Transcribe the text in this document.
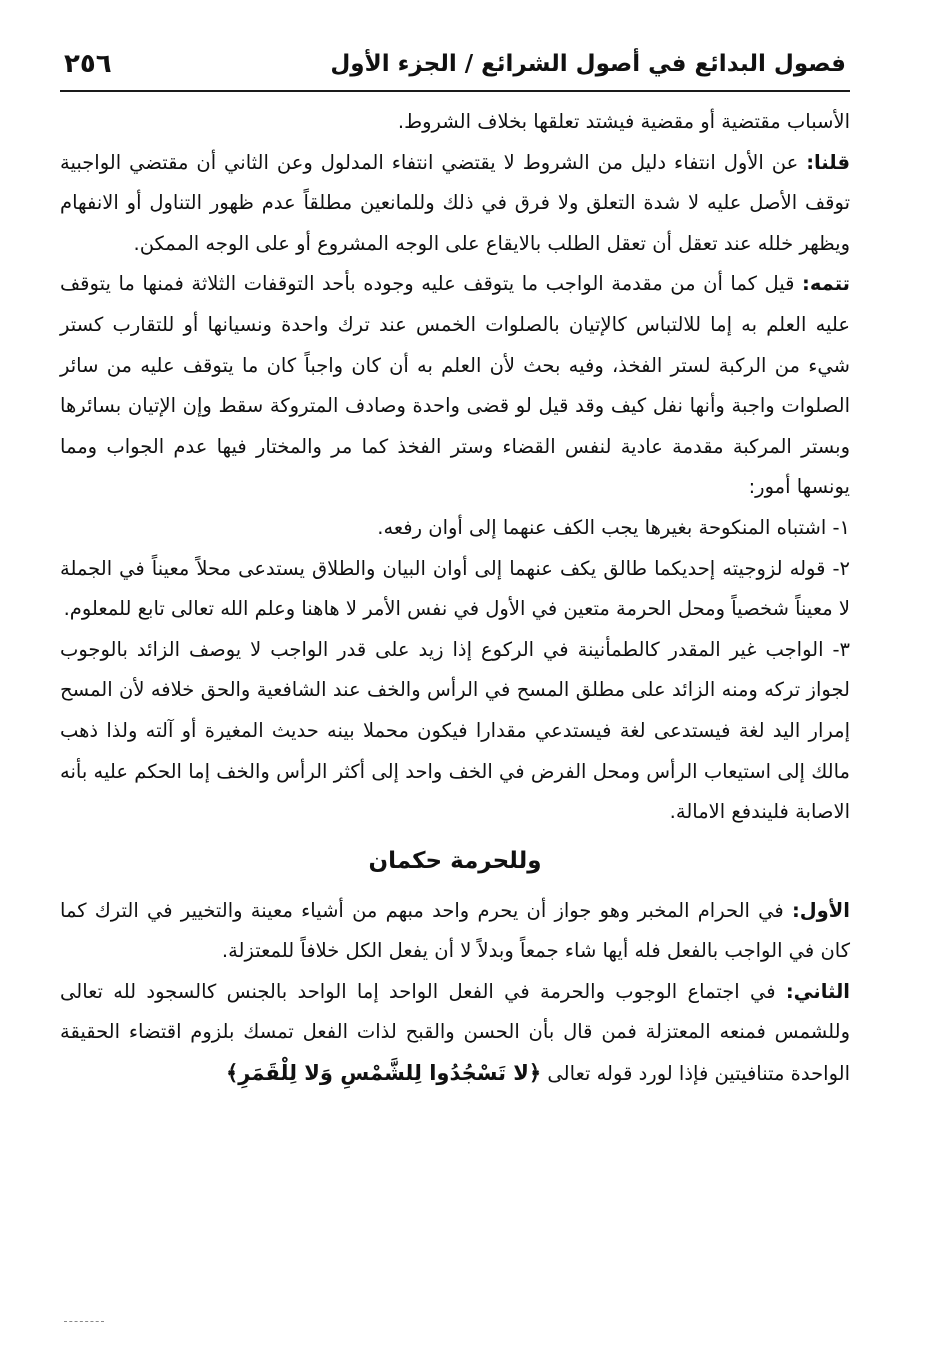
فصول البدائع في أصول الشرائع / الجزء الأول
٢٥٦

الأسباب مقتضية أو مقضية فيشتد تعلقها بخلاف الشروط.

قلنا: عن الأول انتفاء دليل من الشروط لا يقتضي انتفاء المدلول وعن الثاني أن مقتضي الواجبية توقف الأصل عليه لا شدة التعلق ولا فرق في ذلك وللمانعين مطلقاً عدم ظهور التناول أو الانفهام ويظهر خلله عند تعقل أن تعقل الطلب بالايقاع على الوجه المشروع أو على الوجه الممكن.

تتمه: قيل كما أن من مقدمة الواجب ما يتوقف عليه وجوده بأحد التوقفات الثلاثة فمنها ما يتوقف عليه العلم به إما للالتباس كالإتيان بالصلوات الخمس عند ترك واحدة ونسيانها أو للتقارب كستر شيء من الركبة لستر الفخذ، وفيه بحث لأن العلم به أن كان واجباً كان ما يتوقف عليه من سائر الصلوات واجبة وأنها نفل كيف وقد قيل لو قضى واحدة وصادف المتروكة سقط وإن الإتيان بسائرها وبستر المركبة مقدمة عادية لنفس القضاء وستر الفخذ كما مر والمختار فيها عدم الجواب ومما يونسها أمور:

١- اشتباه المنكوحة بغيرها يجب الكف عنهما إلى أوان رفعه.

٢- قوله لزوجيته إحديكما طالق يكف عنهما إلى أوان البيان والطلاق يستدعى محلاً معيناً في الجملة لا معيناً شخصياً ومحل الحرمة متعين في الأول في نفس الأمر لا هاهنا وعلم الله تعالى تابع للمعلوم.

٣- الواجب غير المقدر كالطمأنينة في الركوع إذا زيد على قدر الواجب لا يوصف الزائد بالوجوب لجواز تركه ومنه الزائد على مطلق المسح في الرأس والخف عند الشافعية والحق خلافه لأن المسح إمرار اليد لغة فيستدعى لغة فيستدعي مقدارا فيكون محملا بينه حديث المغيرة أو آلته ولذا ذهب مالك إلى استيعاب الرأس ومحل الفرض في الخف واحد إلى أكثر الرأس والخف إما الحكم عليه بأنه الاصابة فليندفع الامالة.

وللحرمة حكمان

الأول: في الحرام المخبر وهو جواز أن يحرم واحد مبهم من أشياء معينة والتخيير في الترك كما كان في الواجب بالفعل فله أيها شاء جمعاً وبدلاً لا أن يفعل الكل خلافاً للمعتزلة.

الثاني: في اجتماع الوجوب والحرمة في الفعل الواحد إما الواحد بالجنس كالسجود لله تعالى وللشمس فمنعه المعتزلة فمن قال بأن الحسن والقبح لذات الفعل تمسك بلزوم اقتضاء الحقيقة الواحدة متنافيتين فإذا لورد قوله تعالى ﴿لا تَسْجُدُوا لِلشَّمْسِ وَلا لِلْقَمَرِ﴾
